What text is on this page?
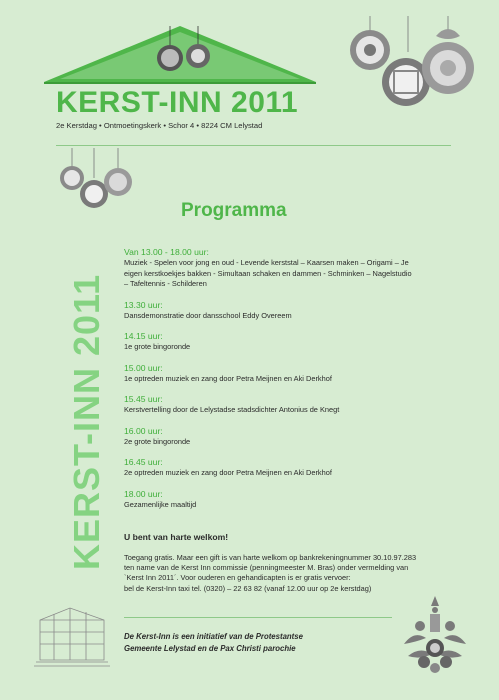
KERST-INN 2011

2e Kerstdag • Ontmoetingskerk • Schor 4 • 8224 CM Lelystad

KERST-INN 2011
Programma
Van 13.00 - 18.00 uur:
Muziek - Spelen voor jong en oud - Levende kerststal – Kaarsen maken – Origami – Je
eigen kerstkoekjes bakken - Simultaan schaken en dammen - Schminken – Nagelstudio
– Tafeltennis - Schilderen
13.30 uur:
Dansdemonstratie door dansschool Eddy Overeem
14.15 uur:
1e grote bingoronde
15.00 uur:
1e optreden muziek en zang door Petra Meijnen en Aki Derkhof
15.45 uur:
Kerstvertelling door de Lelystadse stadsdichter Antonius de Knegt
16.00 uur:
2e grote bingoronde
16.45 uur:
2e optreden muziek en zang door Petra Meijnen en Aki Derkhof
18.00 uur:
Gezamenlijke maaltijd

U bent van harte welkom!

Toegang gratis. Maar een gift is van harte welkom op bankrekeningnummer 30.10.97.283
ten name van de Kerst Inn commissie (penningmeester M. Bras) onder vermelding van
`Kerst Inn 2011´. Voor ouderen en gehandicapten is er gratis vervoer:
bel de Kerst-Inn taxi tel. (0320) – 22 63 82 (vanaf 12.00 uur op 2e kerstdag)
De Kerst-Inn is een initiatief van de Protestantse
Gemeente Lelystad en de Pax Christi parochie
